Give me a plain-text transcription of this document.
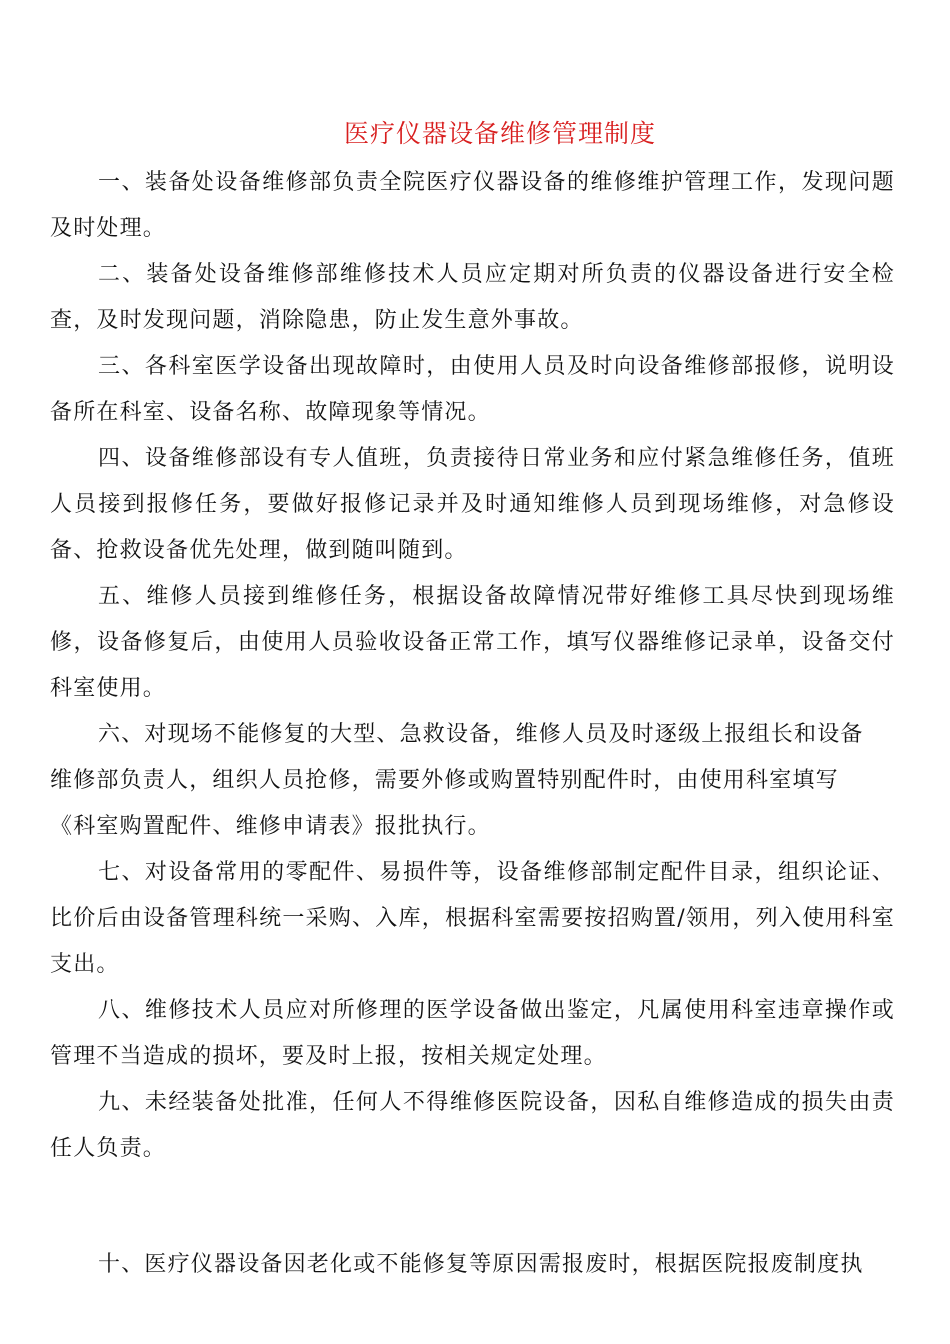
医疗仪器设备维修管理制度

一、装备处设备维修部负责全院医疗仪器设备的维修维护管理工作，发现问题及时处理。

二、装备处设备维修部维修技术人员应定期对所负责的仪器设备进行安全检查，及时发现问题，消除隐患，防止发生意外事故。

三、各科室医学设备出现故障时，由使用人员及时向设备维修部报修，说明设备所在科室、设备名称、故障现象等情况。

四、设备维修部设有专人值班，负责接待日常业务和应付紧急维修任务，值班人员接到报修任务，要做好报修记录并及时通知维修人员到现场维修，对急修设备、抢救设备优先处理，做到随叫随到。

五、维修人员接到维修任务，根据设备故障情况带好维修工具尽快到现场维修，设备修复后，由使用人员验收设备正常工作，填写仪器维修记录单，设备交付科室使用。

六、对现场不能修复的大型、急救设备，维修人员及时逐级上报组长和设备
维修部负责人，组织人员抢修，需要外修或购置特别配件时，由使用科室填写
《科室购置配件、维修申请表》报批执行。

七、对设备常用的零配件、易损件等，设备维修部制定配件目录，组织论证、比价后由设备管理科统一采购、入库，根据科室需要按招购置/领用，列入使用科室支出。

八、维修技术人员应对所修理的医学设备做出鉴定，凡属使用科室违章操作或管理不当造成的损坏，要及时上报，按相关规定处理。

九、未经装备处批准，任何人不得维修医院设备，因私自维修造成的损失由责任人负责。

十、医疗仪器设备因老化或不能修复等原因需报废时，根据医院报废制度执
